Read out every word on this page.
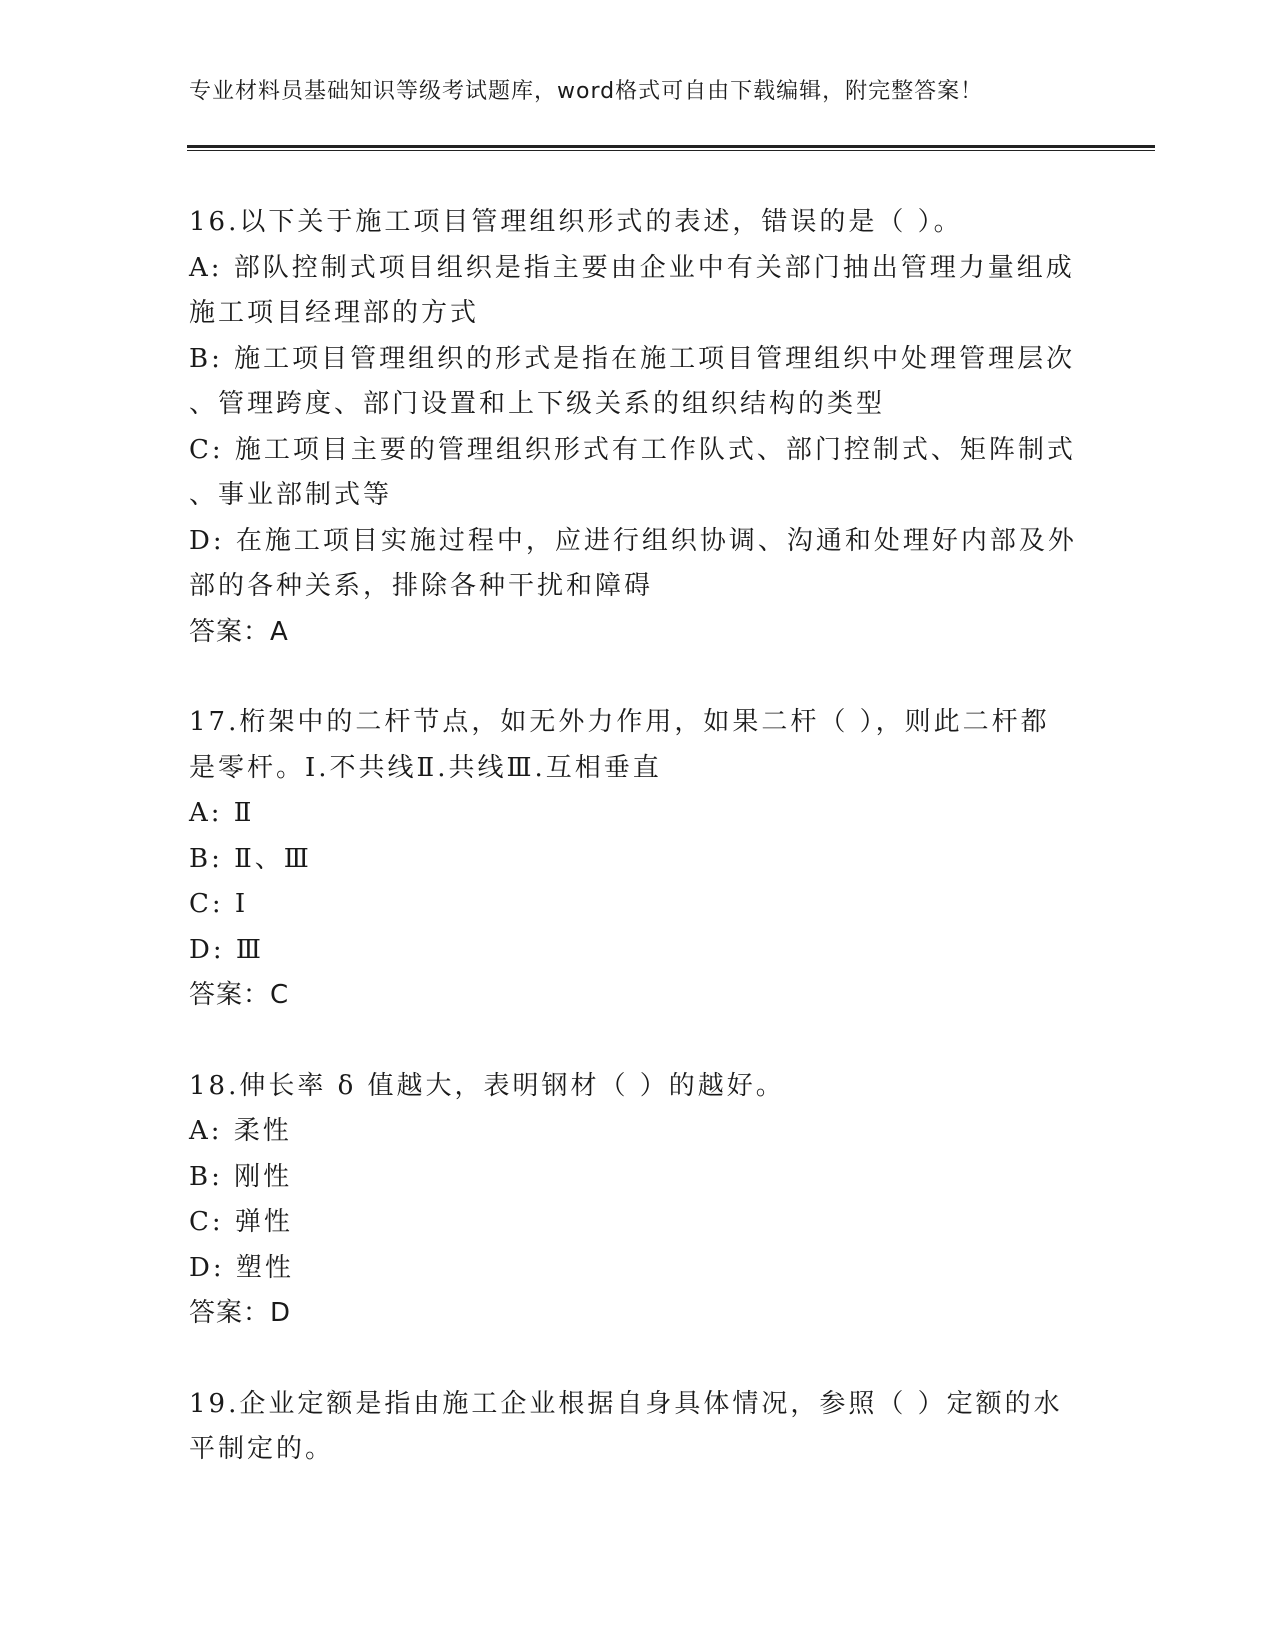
专业材料员基础知识等级考试题库，word格式可自由下载编辑，附完整答案！
16.以下关于施工项目管理组织形式的表述，错误的是（ ）。
A: 部队控制式项目组织是指主要由企业中有关部门抽出管理力量组成
施工项目经理部的方式
B: 施工项目管理组织的形式是指在施工项目管理组织中处理管理层次
、管理跨度、部门设置和上下级关系的组织结构的类型
C: 施工项目主要的管理组织形式有工作队式、部门控制式、矩阵制式
、事业部制式等
D: 在施工项目实施过程中，应进行组织协调、沟通和处理好内部及外
部的各种关系，排除各种干扰和障碍
答案：A
17.桁架中的二杆节点，如无外力作用，如果二杆（ ），则此二杆都
是零杆。I.不共线Ⅱ.共线Ⅲ.互相垂直
A: Ⅱ
B: Ⅱ、Ⅲ
C: I
D: Ⅲ
答案：C
18.伸长率 δ 值越大，表明钢材（ ）的越好。
A: 柔性
B: 刚性
C: 弹性
D: 塑性
答案：D
19.企业定额是指由施工企业根据自身具体情况，参照（ ）定额的水
平制定的。
